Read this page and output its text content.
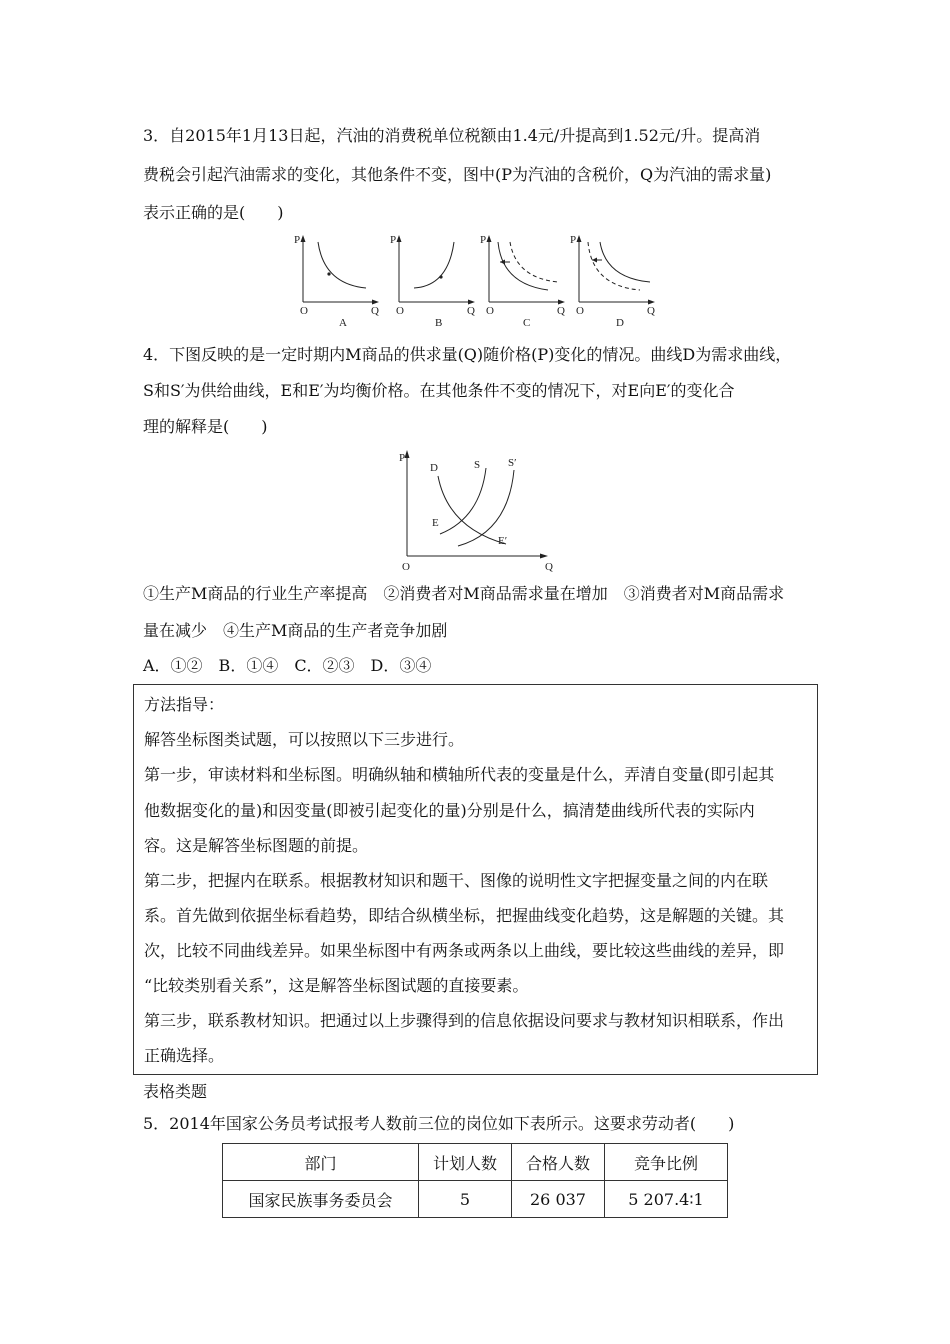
3．自2015年1月13日起，汽油的消费税单位税额由1.4元/升提高到1.52元/升。提高消
费税会引起汽油需求的变化，其他条件不变，图中(P为汽油的含税价，Q为汽油的需求量)
表示正确的是(　　)
P
O	Q
A
P
O	Q
B
P
O	Q
C
P
O	Q
D
4．下图反映的是一定时期内M商品的供求量(Q)随价格(P)变化的情况。曲线D为需求曲线，
S和S′为供给曲线，E和E′为均衡价格。在其他条件不变的情况下，对E向E′的变化合
理的解释是(　　)
P
O	Q
D	S	S′
E
E′
①生产M商品的行业生产率提高　②消费者对M商品需求量在增加　③消费者对M商品需求
量在减少　④生产M商品的生产者竞争加剧
A．①②　B．①④　C．②③　D．③④
方法指导：
解答坐标图类试题，可以按照以下三步进行。
第一步，审读材料和坐标图。明确纵轴和横轴所代表的变量是什么，弄清自变量(即引起其
他数据变化的量)和因变量(即被引起变化的量)分别是什么，搞清楚曲线所代表的实际内
容。这是解答坐标图题的前提。
第二步，把握内在联系。根据教材知识和题干、图像的说明性文字把握变量之间的内在联
系。首先做到依据坐标看趋势，即结合纵横坐标，把握曲线变化趋势，这是解题的关键。其
次，比较不同曲线差异。如果坐标图中有两条或两条以上曲线，要比较这些曲线的差异，即
“比较类别看关系”，这是解答坐标图试题的直接要素。
第三步，联系教材知识。把通过以上步骤得到的信息依据设问要求与教材知识相联系，作出
正确选择。
表格类题
5．2014年国家公务员考试报考人数前三位的岗位如下表所示。这要求劳动者(　　)
部门	计划人数	合格人数	竞争比例
国家民族事务委员会	5	26 037	5 207.4∶1
